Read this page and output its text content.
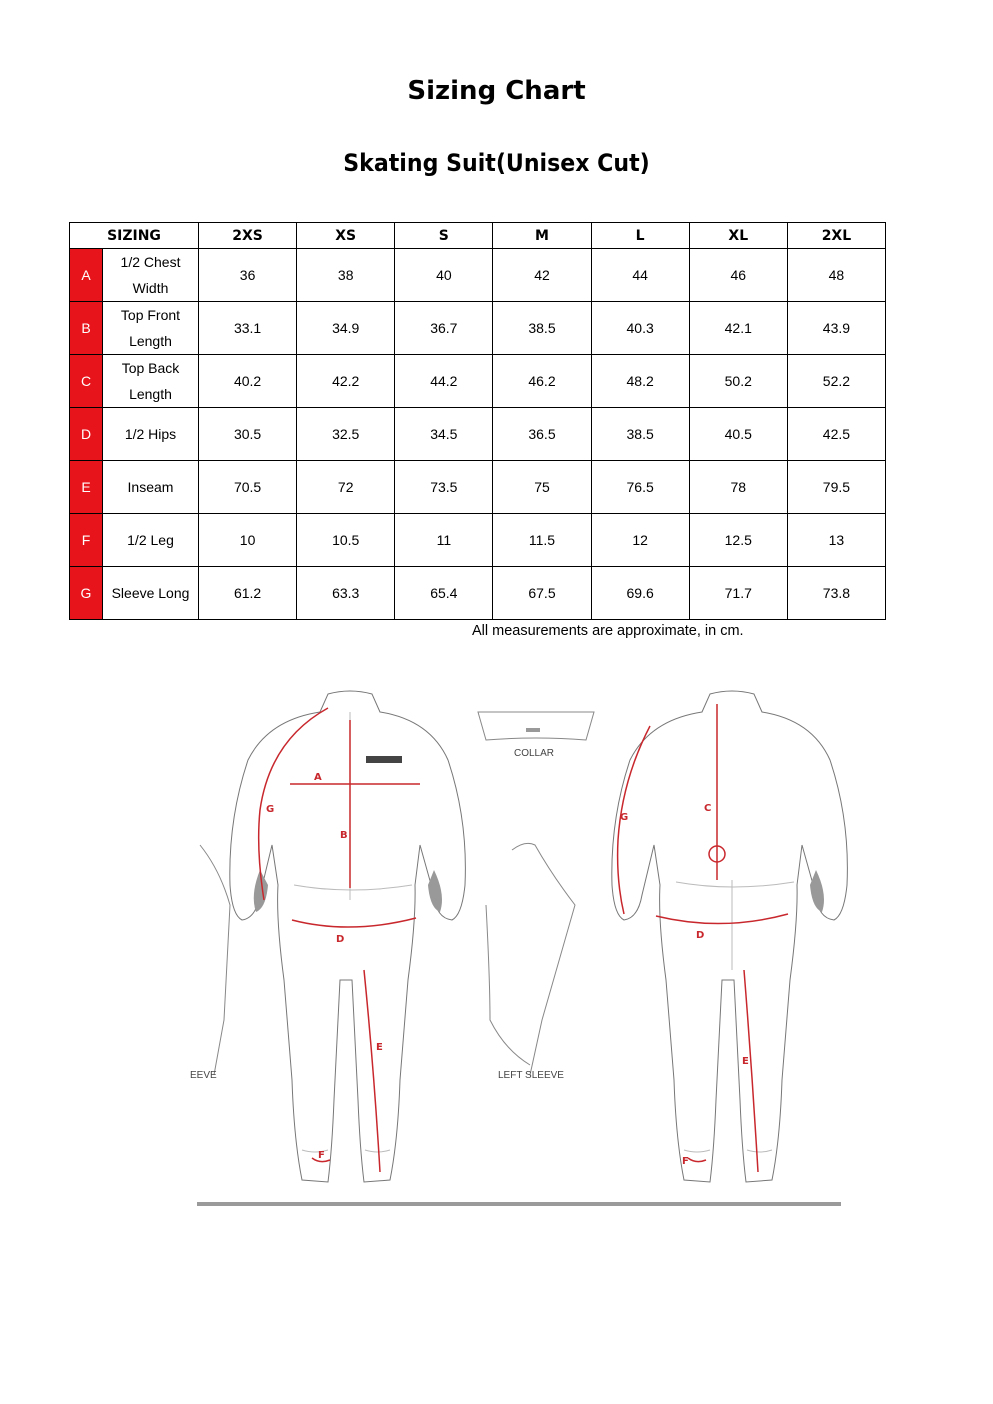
Sizing Chart
Skating Suit(Unisex Cut)
SIZING		2XS	XS	S	M	L	XL	2XL
A	1/2 Chest Width	36	38	40	42	44	46	48
B	Top Front Length	33.1	34.9	36.7	38.5	40.3	42.1	43.9
C	Top Back Length	40.2	42.2	44.2	46.2	48.2	50.2	52.2
D	1/2 Hips	30.5	32.5	34.5	36.5	38.5	40.5	42.5
E	Inseam	70.5	72	73.5	75	76.5	78	79.5
F	1/2 Leg	10	10.5	11	11.5	12	12.5	13
G	Sleeve Long	61.2	63.3	65.4	67.5	69.6	71.7	73.8
All measurements are approximate, in cm.
A
B
D
E
F
G
EEVE	LEFT SLEEVE
COLLAR
C
D
E
F
G
